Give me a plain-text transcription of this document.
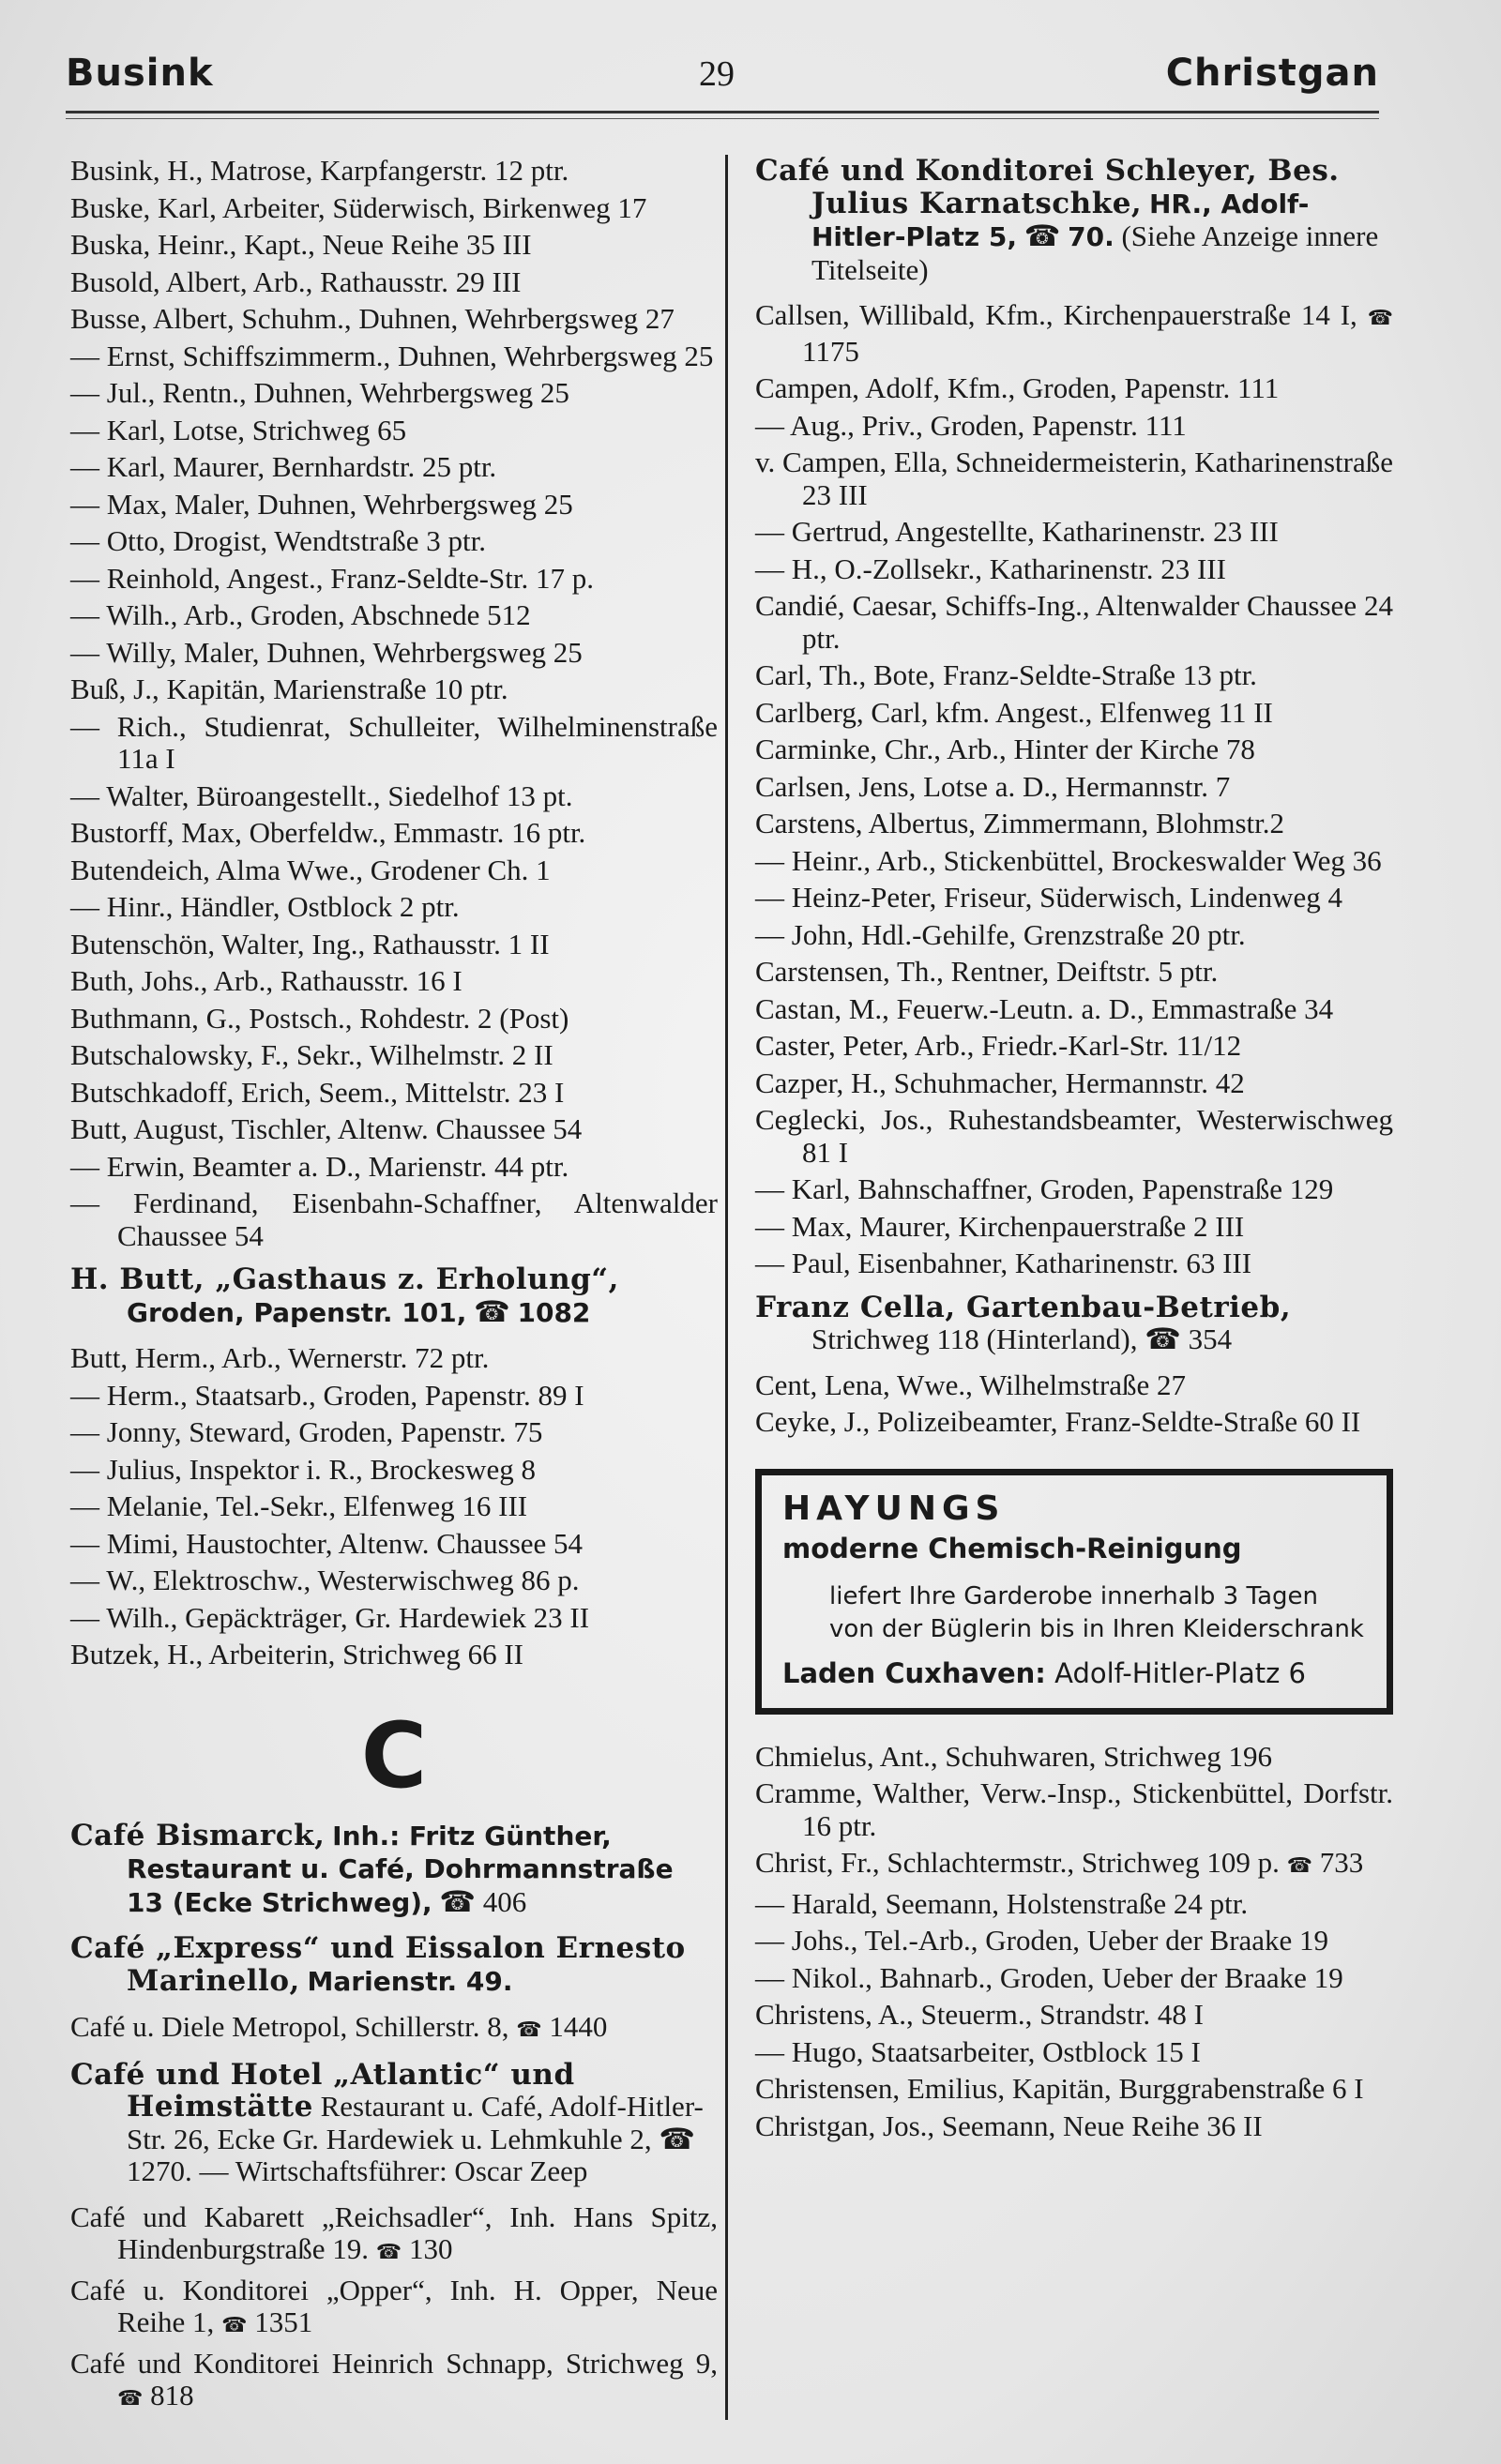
Busink	29	Christgan
Busink, H., Matrose, Karpfangerstr. 12 ptr.
Buske, Karl, Arbeiter, Süderwisch, Birkenweg 17
Buska, Heinr., Kapt., Neue Reihe 35 III
Busold, Albert, Arb., Rathausstr. 29 III
Busse, Albert, Schuhm., Duhnen, Wehrbergsweg 27
— Ernst, Schiffszimmerm., Duhnen, Wehrbergsweg 25
— Jul., Rentn., Duhnen, Wehrbergsweg 25
— Karl, Lotse, Strichweg 65
— Karl, Maurer, Bernhardstr. 25 ptr.
— Max, Maler, Duhnen, Wehrbergsweg 25
— Otto, Drogist, Wendtstraße 3 ptr.
— Reinhold, Angest., Franz-Seldte-Str. 17 p.
— Wilh., Arb., Groden, Abschnede 512
— Willy, Maler, Duhnen, Wehrbergsweg 25
Buß, J., Kapitän, Marienstraße 10 ptr.
— Rich., Studienrat, Schulleiter, Wilhelminenstraße 11a I
— Walter, Büroangestellt., Siedelhof 13 pt.
Bustorff, Max, Oberfeldw., Emmastr. 16 ptr.
Butendeich, Alma Wwe., Grodener Ch. 1
— Hinr., Händler, Ostblock 2 ptr.
Butenschön, Walter, Ing., Rathausstr. 1 II
Buth, Johs., Arb., Rathausstr. 16 I
Buthmann, G., Postsch., Rohdestr. 2 (Post)
Butschalowsky, F., Sekr., Wilhelmstr. 2 II
Butschkadoff, Erich, Seem., Mittelstr. 23 I
Butt, August, Tischler, Altenw. Chaussee 54
— Erwin, Beamter a. D., Marienstr. 44 ptr.
— Ferdinand, Eisenbahn-Schaffner, Altenwalder Chaussee 54
H. Butt, „Gasthaus z. Erholung“, Groden, Papenstr. 101, ☎ 1082
Butt, Herm., Arb., Wernerstr. 72 ptr.
— Herm., Staatsarb., Groden, Papenstr. 89 I
— Jonny, Steward, Groden, Papenstr. 75
— Julius, Inspektor i. R., Brockesweg 8
— Melanie, Tel.-Sekr., Elfenweg 16 III
— Mimi, Haustochter, Altenw. Chaussee 54
— W., Elektroschw., Westerwischweg 86 p.
— Wilh., Gepäckträger, Gr. Hardewiek 23 II
Butzek, H., Arbeiterin, Strichweg 66 II
C
Café Bismarck, Inh.: Fritz Günther, Restaurant u. Café, Dohrmannstraße 13 (Ecke Strichweg), ☎ 406
Café „Express“ und Eissalon Ernesto Marinello, Marienstr. 49.
Café u. Diele Metropol, Schillerstr. 8, ☎ 1440
Café und Hotel „Atlantic“ und Heimstätte Restaurant u. Café, Adolf-Hitler-Str. 26, Ecke Gr. Hardewiek u. Lehmkuhle 2, ☎ 1270. — Wirtschaftsführer: Oscar Zeep
Café und Kabarett „Reichsadler“, Inh. Hans Spitz, Hindenburgstraße 19. ☎ 130
Café u. Konditorei „Opper“, Inh. H. Opper, Neue Reihe 1, ☎ 1351
Café und Konditorei Heinrich Schnapp, Strichweg 9, ☎ 818
Café und Konditorei Schleyer, Bes. Julius Karnatschke, HR., Adolf-Hitler-Platz 5, ☎ 70. (Siehe Anzeige innere Titelseite)
Callsen, Willibald, Kfm., Kirchenpauerstraße 14 I, ☎ 1175
Campen, Adolf, Kfm., Groden, Papenstr. 111
— Aug., Priv., Groden, Papenstr. 111
v. Campen, Ella, Schneidermeisterin, Katharinenstraße 23 III
— Gertrud, Angestellte, Katharinenstr. 23 III
— H., O.-Zollsekr., Katharinenstr. 23 III
Candié, Caesar, Schiffs-Ing., Altenwalder Chaussee 24 ptr.
Carl, Th., Bote, Franz-Seldte-Straße 13 ptr.
Carlberg, Carl, kfm. Angest., Elfenweg 11 II
Carminke, Chr., Arb., Hinter der Kirche 78
Carlsen, Jens, Lotse a. D., Hermannstr. 7
Carstens, Albertus, Zimmermann, Blohmstr.2
— Heinr., Arb., Stickenbüttel, Brockeswalder Weg 36
— Heinz-Peter, Friseur, Süderwisch, Lindenweg 4
— John, Hdl.-Gehilfe, Grenzstraße 20 ptr.
Carstensen, Th., Rentner, Deiftstr. 5 ptr.
Castan, M., Feuerw.-Leutn. a. D., Emmastraße 34
Caster, Peter, Arb., Friedr.-Karl-Str. 11/12
Cazper, H., Schuhmacher, Hermannstr. 42
Ceglecki, Jos., Ruhestandsbeamter, Westerwischweg 81 I
— Karl, Bahnschaffner, Groden, Papenstraße 129
— Max, Maurer, Kirchenpauerstraße 2 III
— Paul, Eisenbahner, Katharinenstr. 63 III
Franz Cella, Gartenbau-Betrieb, Strichweg 118 (Hinterland), ☎ 354
Cent, Lena, Wwe., Wilhelmstraße 27
Ceyke, J., Polizeibeamter, Franz-Seldte-Straße 60 II
HAYUNGS
moderne Chemisch-Reinigung
liefert Ihre Garderobe innerhalb 3 Tagen von der Büglerin bis in Ihren Kleiderschrank
Laden Cuxhaven: Adolf-Hitler-Platz 6
Chmielus, Ant., Schuhwaren, Strichweg 196
Cramme, Walther, Verw.-Insp., Stickenbüttel, Dorfstr. 16 ptr.
Christ, Fr., Schlachtermstr., Strichweg 109 p. ☎ 733
— Harald, Seemann, Holstenstraße 24 ptr.
— Johs., Tel.-Arb., Groden, Ueber der Braake 19
— Nikol., Bahnarb., Groden, Ueber der Braake 19
Christens, A., Steuerm., Strandstr. 48 I
— Hugo, Staatsarbeiter, Ostblock 15 I
Christensen, Emilius, Kapitän, Burggrabenstraße 6 I
Christgan, Jos., Seemann, Neue Reihe 36 II
